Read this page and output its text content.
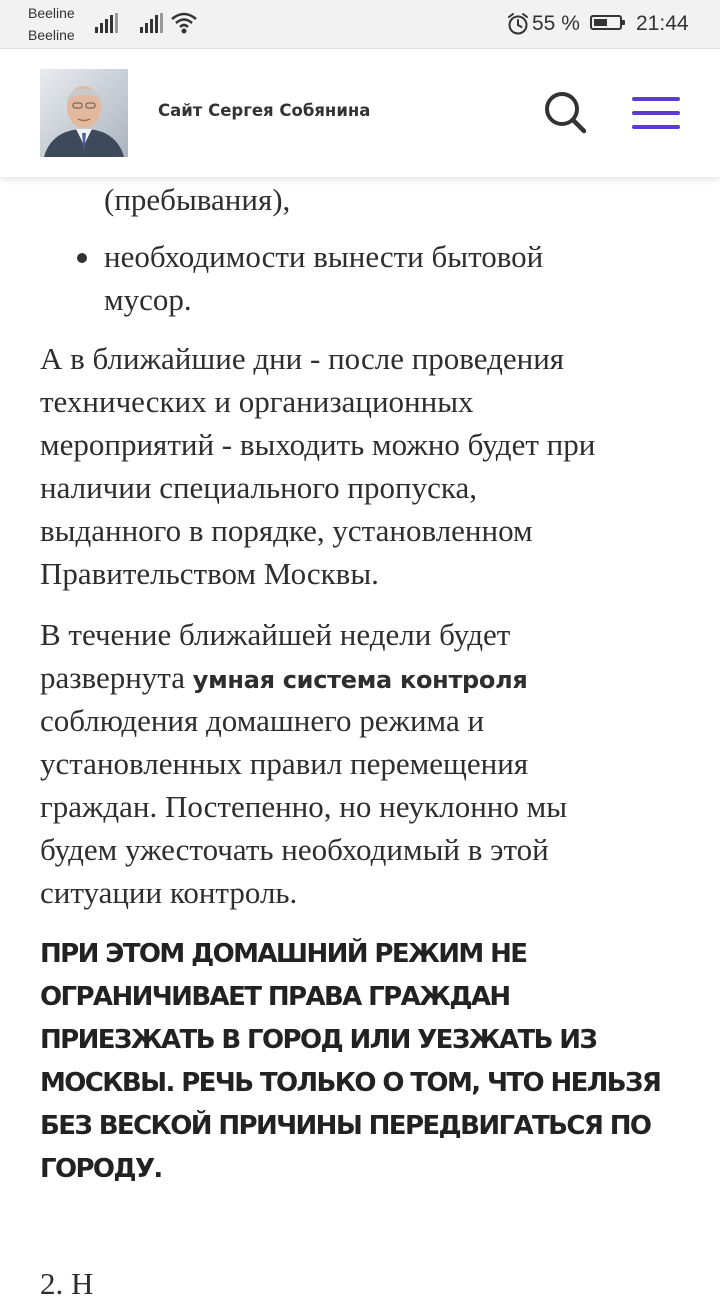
(пребывания),
необходимости вынести бытовой
мусор.
А в ближайшие дни - после проведения
технических и организационных
мероприятий - выходить можно будет при
наличии специального пропуска,
выданного в порядке, установленном
Правительством Москвы.
В течение ближайшей недели будет
развернута умная система контроля
соблюдения домашнего режима и
установленных правил перемещения
граждан. Постепенно, но неуклонно мы
будем ужесточать необходимый в этой
ситуации контроль.
ПРИ ЭТОМ ДОМАШНИЙ РЕЖИМ НЕ
ОГРАНИЧИВАЕТ ПРАВА ГРАЖДАН
ПРИЕЗЖАТЬ В ГОРОД ИЛИ УЕЗЖАТЬ ИЗ
МОСКВЫ. РЕЧЬ ТОЛЬКО О ТОМ, ЧТО НЕЛЬЗЯ
БЕЗ ВЕСКОЙ ПРИЧИНЫ ПЕРЕДВИГАТЬСЯ ПО
ГОРОДУ.
2. Н
Сайт Сергея Собянина
Beeline
Beeline	55 %	21:44
